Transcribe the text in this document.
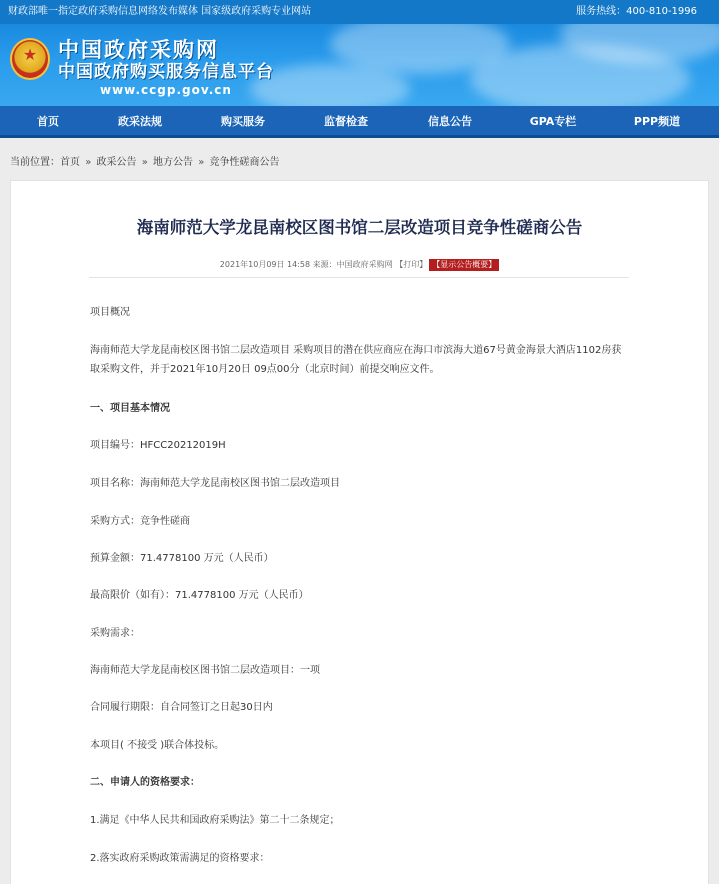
财政部唯一指定政府采购信息网络发布媒体 国家级政府采购专业网站	服务热线：400-810-1996
★ 中国政府采购网
中国政府购买服务信息平台
www.ccgp.gov.cn
首页	政采法规	购买服务	监督检查	信息公告	GPA专栏	PPP频道
当前位置：首页 » 政采公告 » 地方公告 » 竞争性磋商公告
海南师范大学龙昆南校区图书馆二层改造项目竞争性磋商公告
2021年10月09日 14:58 来源：中国政府采购网 【打印】 【显示公告概要】
项目概况
海南师范大学龙昆南校区图书馆二层改造项目 采购项目的潜在供应商应在海口市滨海大道67号黄金海景大酒店1102房获取采购文件，并于2021年10月20日 09点00分（北京时间）前提交响应文件。
一、项目基本情况
项目编号：HFCC20212019H
项目名称：海南师范大学龙昆南校区图书馆二层改造项目
采购方式：竞争性磋商
预算金额：71.4778100 万元（人民币）
最高限价（如有）：71.4778100 万元（人民币）
采购需求：
海南师范大学龙昆南校区图书馆二层改造项目：一项
合同履行期限：自合同签订之日起30日内
本项目( 不接受 )联合体投标。
二、申请人的资格要求：
1.满足《中华人民共和国政府采购法》第二十二条规定；
2.落实政府采购政策需满足的资格要求：
